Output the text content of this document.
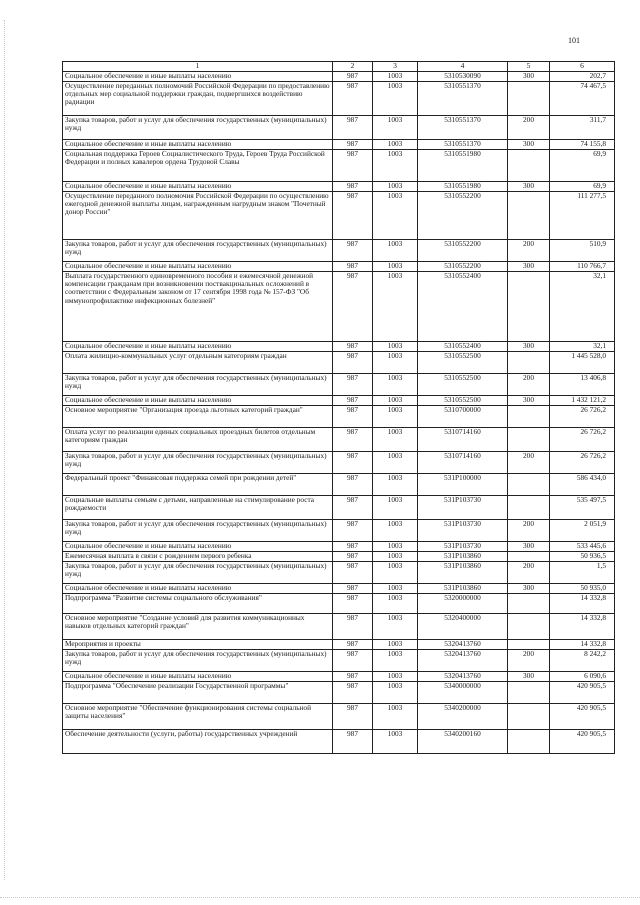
101
1	2	3	4	5	6
Социальное обеспечение и иные выплаты населению	987	1003	5310530090	300	202,7
Осуществление переданных полномочий Российской Федерации по предоставлению отдельных мер социальной поддержки граждан, подвергшихся воздействию радиации	987	1003	5310551370		74 467,5
Закупка товаров, работ и услуг для обеспечения государственных (муниципальных) нужд	987	1003	5310551370	200	311,7
Социальное обеспечение и иные выплаты населению	987	1003	5310551370	300	74 155,8
Социальная поддержка Героев Социалистического Труда, Героев Труда Российской Федерации и полных кавалеров ордена Трудовой Славы	987	1003	5310551980		69,9
Социальное обеспечение и иные выплаты населению	987	1003	5310551980	300	69,9
Осуществление переданного полномочия Российской Федерации по осуществлению ежегодной денежной выплаты лицам, награжденным нагрудным знаком "Почетный донор России"	987	1003	5310552200		111 277,5
Закупка товаров, работ и услуг для обеспечения государственных (муниципальных) нужд	987	1003	5310552200	200	510,9
Социальное обеспечение и иные выплаты населению	987	1003	5310552200	300	110 766,7
Выплата государственного единовременного пособия и ежемесячной денежной компенсации гражданам при возникновении поствакцинальных осложнений в соответствии с Федеральным законом от 17 сентября 1998 года № 157-ФЗ "Об иммунопрофилактике инфекционных болезней"	987	1003	5310552400		32,1
Социальное обеспечение и иные выплаты населению	987	1003	5310552400	300	32,1
Оплата жилищно-коммунальных услуг отдельным категориям граждан	987	1003	5310552500		1 445 528,0
Закупка товаров, работ и услуг для обеспечения государственных (муниципальных) нужд	987	1003	5310552500	200	13 406,8
Социальное обеспечение и иные выплаты населению	987	1003	5310552500	300	1 432 121,2
Основное мероприятие "Организация проезда льготных категорий граждан"	987	1003	5310700000		26 726,2
Оплата услуг по реализации единых социальных проездных билетов отдельным категориям граждан	987	1003	5310714160		26 726,2
Закупка товаров, работ и услуг для обеспечения государственных (муниципальных) нужд	987	1003	5310714160	200	26 726,2
Федеральный проект "Финансовая поддержка семей при рождении детей"	987	1003	531P100000		586 434,0
Социальные выплаты семьям с детьми, направленные на стимулирование роста рождаемости	987	1003	531P103730		535 497,5
Закупка товаров, работ и услуг для обеспечения государственных (муниципальных) нужд	987	1003	531P103730	200	2 051,9
Социальное обеспечение и иные выплаты населению	987	1003	531P103730	300	533 445,6
Ежемесячная выплата в связи с рождением первого ребенка	987	1003	531P103860		50 936,5
Закупка товаров, работ и услуг для обеспечения государственных (муниципальных) нужд	987	1003	531P103860	200	1,5
Социальное обеспечение и иные выплаты населению	987	1003	531P103860	300	50 935,0
Подпрограмма "Развитие системы социального обслуживания"	987	1003	5320000000		14 332,8
Основное мероприятие "Создание условий для развития коммуникационных навыков отдельных категорий граждан"	987	1003	5320400000		14 332,8
Мероприятия и проекты	987	1003	5320413760		14 332,8
Закупка товаров, работ и услуг для обеспечения государственных (муниципальных) нужд	987	1003	5320413760	200	8 242,2
Социальное обеспечение и иные выплаты населению	987	1003	5320413760	300	6 090,6
Подпрограмма "Обеспечение реализации Государственной программы"	987	1003	5340000000		420 905,5
Основное мероприятие "Обеспечение функционирования системы социальной защиты населения"	987	1003	5340200000		420 905,5
Обеспечение деятельности (услуги, работы) государственных учреждений	987	1003	5340200160		420 905,5
